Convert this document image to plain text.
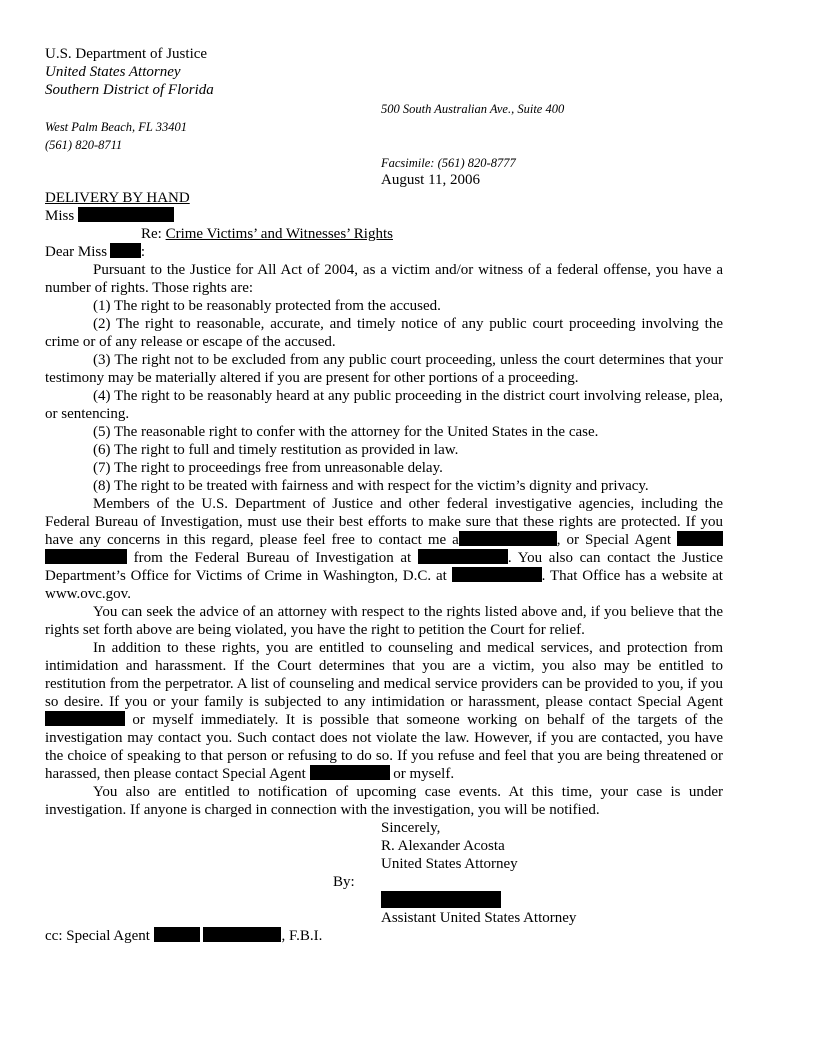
U.S. Department of Justice
United States Attorney
Southern District of Florida
500 South Australian Ave., Suite 400
West Palm Beach, FL 33401
(561) 820-8711
Facsimile: (561) 820-8777
August 11, 2006
DELIVERY BY HAND
Miss
Re: Crime Victims’ and Witnesses’ Rights
Dear Miss :

Pursuant to the Justice for All Act of 2004, as a victim and/or witness of a federal offense, you have a number of rights. Those rights are:

(1) The right to be reasonably protected from the accused.

(2) The right to reasonable, accurate, and timely notice of any public court proceeding involving the crime or of any release or escape of the accused.

(3) The right not to be excluded from any public court proceeding, unless the court determines that your testimony may be materially altered if you are present for other portions of a proceeding.

(4) The right to be reasonably heard at any public proceeding in the district court involving release, plea, or sentencing.

(5) The reasonable right to confer with the attorney for the United States in the case.

(6) The right to full and timely restitution as provided in law.

(7) The right to proceedings free from unreasonable delay.

(8) The right to be treated with fairness and with respect for the victim’s dignity and privacy.

Members of the U.S. Department of Justice and other federal investigative agencies, including the Federal Bureau of Investigation, must use their best efforts to make sure that these rights are protected. If you have any concerns in this regard, please feel free to contact me a	, or Special Agent   from the Federal Bureau of Investigation at	. You also can contact the Justice Department’s Office for Victims of Crime in Washington, D.C. at	. That Office has a website at www.ovc.gov.

You can seek the advice of an attorney with respect to the rights listed above and, if you believe that the rights set forth above are being violated, you have the right to petition the Court for relief.

In addition to these rights, you are entitled to counseling and medical services, and protection from intimidation and harassment. If the Court determines that you are a victim, you also may be entitled to restitution from the perpetrator. A list of counseling and medical service providers can be provided to you, if you so desire. If you or your family is subjected to any intimidation or harassment, please contact Special Agent  or myself immediately. It is possible that someone working on behalf of the targets of the investigation may contact you. Such contact does not violate the law. However, if you are contacted, you have the choice of speaking to that person or refusing to do so. If you refuse and feel that you are being threatened or harassed, then please contact Special Agent	or myself.

You also are entitled to notification of upcoming case events. At this time, your case is under investigation. If anyone is charged in connection with the investigation, you will be notified.

Sincerely,
R. Alexander Acosta
United States Attorney
By:
Assistant United States Attorney
cc: Special Agent	, F.B.I.
